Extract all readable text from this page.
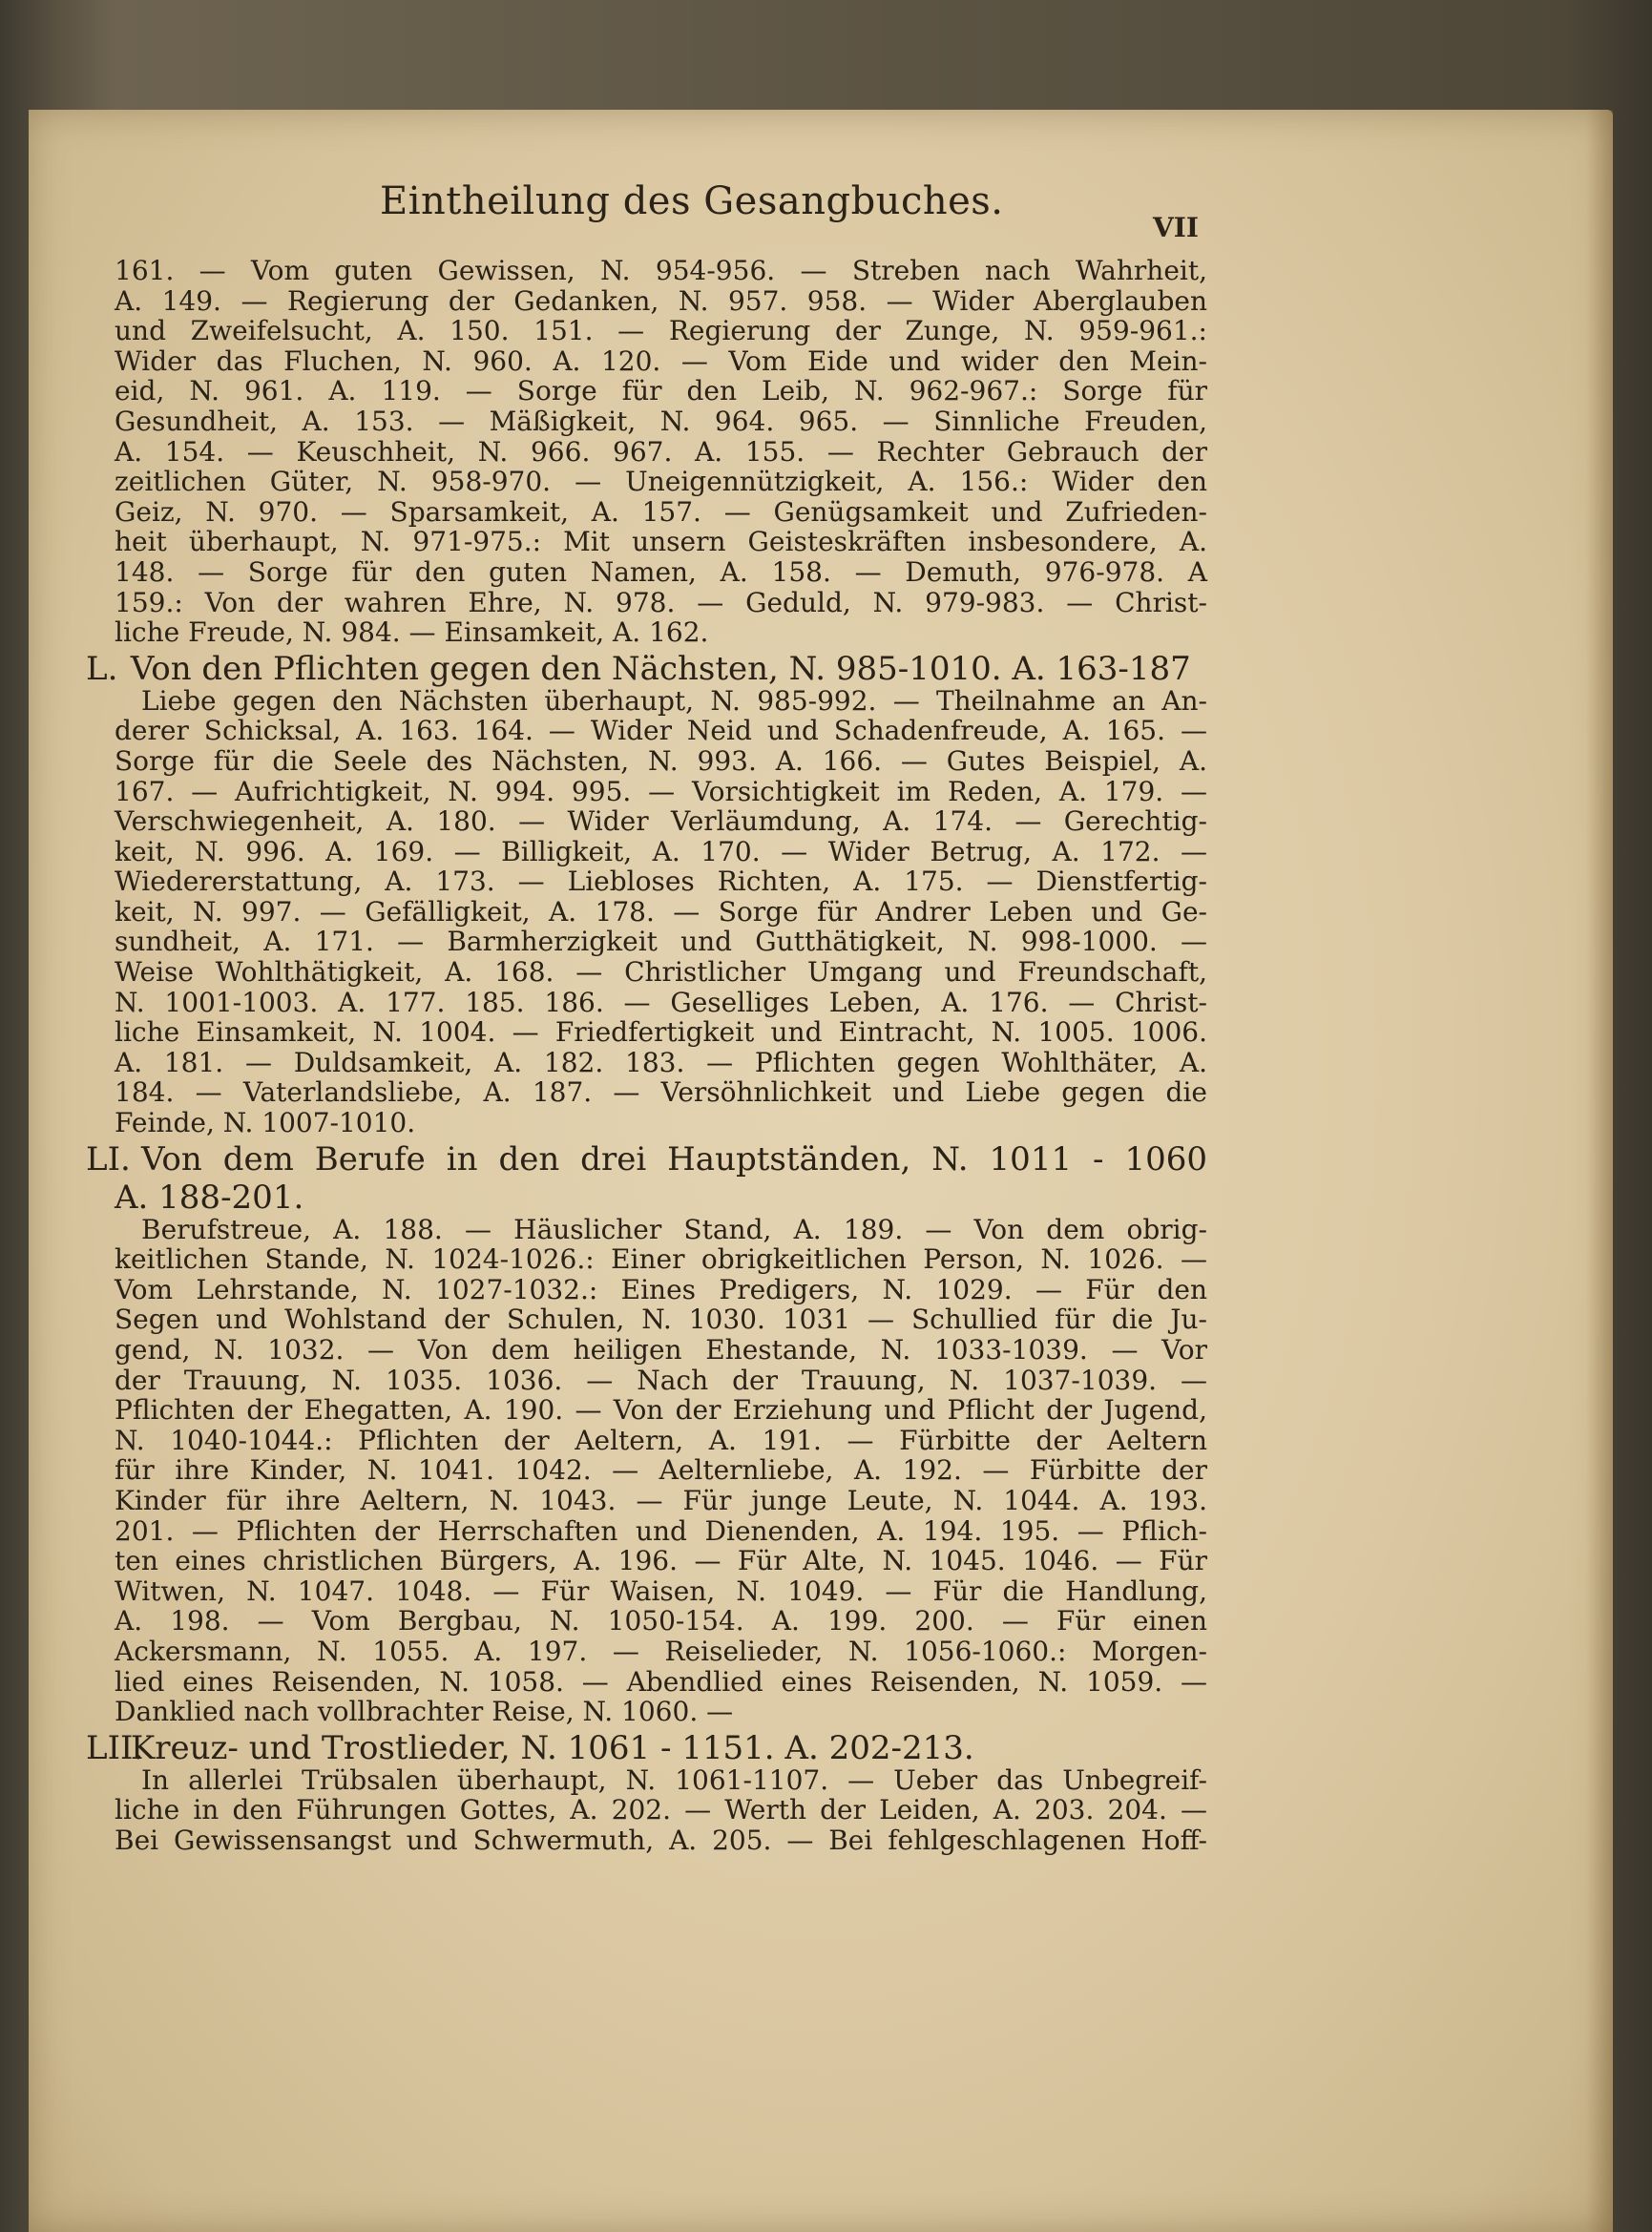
Eintheilung des Gesangbuches.
VII
161. — Vom guten Gewissen, N. 954-956. — Streben nach Wahrheit,
A. 149. — Regierung der Gedanken, N. 957. 958. — Wider Aberglauben
und Zweifelsucht, A. 150. 151. — Regierung der Zunge, N. 959-961.:
Wider das Fluchen, N. 960. A. 120. — Vom Eide und wider den Mein-
eid, N. 961. A. 119. — Sorge für den Leib, N. 962-967.: Sorge für
Gesundheit, A. 153. — Mäßigkeit, N. 964. 965. — Sinnliche Freuden,
A. 154. — Keuschheit, N. 966. 967. A. 155. — Rechter Gebrauch der
zeitlichen Güter, N. 958-970. — Uneigennützigkeit, A. 156.: Wider den
Geiz, N. 970. — Sparsamkeit, A. 157. — Genügsamkeit und Zufrieden-
heit überhaupt, N. 971-975.: Mit unsern Geisteskräften insbesondere, A.
148. — Sorge für den guten Namen, A. 158. — Demuth, 976-978. A
159.: Von der wahren Ehre, N. 978. — Geduld, N. 979-983. — Christ-
liche Freude, N. 984. — Einsamkeit, A. 162.
L. Von den Pflichten gegen den Nächsten, N. 985-1010. A. 163-187
Liebe gegen den Nächsten überhaupt, N. 985-992. — Theilnahme an An-
derer Schicksal, A. 163. 164. — Wider Neid und Schadenfreude, A. 165. —
Sorge für die Seele des Nächsten, N. 993. A. 166. — Gutes Beispiel, A.
167. — Aufrichtigkeit, N. 994. 995. — Vorsichtigkeit im Reden, A. 179. —
Verschwiegenheit, A. 180. — Wider Verläumdung, A. 174. — Gerechtig-
keit, N. 996. A. 169. — Billigkeit, A. 170. — Wider Betrug, A. 172. —
Wiedererstattung, A. 173. — Liebloses Richten, A. 175. — Dienstfertig-
keit, N. 997. — Gefälligkeit, A. 178. — Sorge für Andrer Leben und Ge-
sundheit, A. 171. — Barmherzigkeit und Gutthätigkeit, N. 998-1000. —
Weise Wohlthätigkeit, A. 168. — Christlicher Umgang und Freundschaft,
N. 1001-1003. A. 177. 185. 186. — Geselliges Leben, A. 176. — Christ-
liche Einsamkeit, N. 1004. — Friedfertigkeit und Eintracht, N. 1005. 1006.
A. 181. — Duldsamkeit, A. 182. 183. — Pflichten gegen Wohlthäter, A.
184. — Vaterlandsliebe, A. 187. — Versöhnlichkeit und Liebe gegen die
Feinde, N. 1007-1010.
LI. Von dem Berufe in den drei Hauptständen, N. 1011 - 1060
A. 188-201.
Berufstreue, A. 188. — Häuslicher Stand, A. 189. — Von dem obrig-
keitlichen Stande, N. 1024-1026.: Einer obrigkeitlichen Person, N. 1026. —
Vom Lehrstande, N. 1027-1032.: Eines Predigers, N. 1029. — Für den
Segen und Wohlstand der Schulen, N. 1030. 1031 — Schullied für die Ju-
gend, N. 1032. — Von dem heiligen Ehestande, N. 1033-1039. — Vor
der Trauung, N. 1035. 1036. — Nach der Trauung, N. 1037-1039. —
Pflichten der Ehegatten, A. 190. — Von der Erziehung und Pflicht der Jugend,
N. 1040-1044.: Pflichten der Aeltern, A. 191. — Fürbitte der Aeltern
für ihre Kinder, N. 1041. 1042. — Aelternliebe, A. 192. — Fürbitte der
Kinder für ihre Aeltern, N. 1043. — Für junge Leute, N. 1044. A. 193.
201. — Pflichten der Herrschaften und Dienenden, A. 194. 195. — Pflich-
ten eines christlichen Bürgers, A. 196. — Für Alte, N. 1045. 1046. — Für
Witwen, N. 1047. 1048. — Für Waisen, N. 1049. — Für die Handlung,
A. 198. — Vom Bergbau, N. 1050-154. A. 199. 200. — Für einen
Ackersmann, N. 1055. A. 197. — Reiselieder, N. 1056-1060.: Morgen-
lied eines Reisenden, N. 1058. — Abendlied eines Reisenden, N. 1059. —
Danklied nach vollbrachter Reise, N. 1060. —
LII. Kreuz- und Trostlieder, N. 1061 - 1151. A. 202-213.
In allerlei Trübsalen überhaupt, N. 1061-1107. — Ueber das Unbegreif-
liche in den Führungen Gottes, A. 202. — Werth der Leiden, A. 203. 204. —
Bei Gewissensangst und Schwermuth, A. 205. — Bei fehlgeschlagenen Hoff-
